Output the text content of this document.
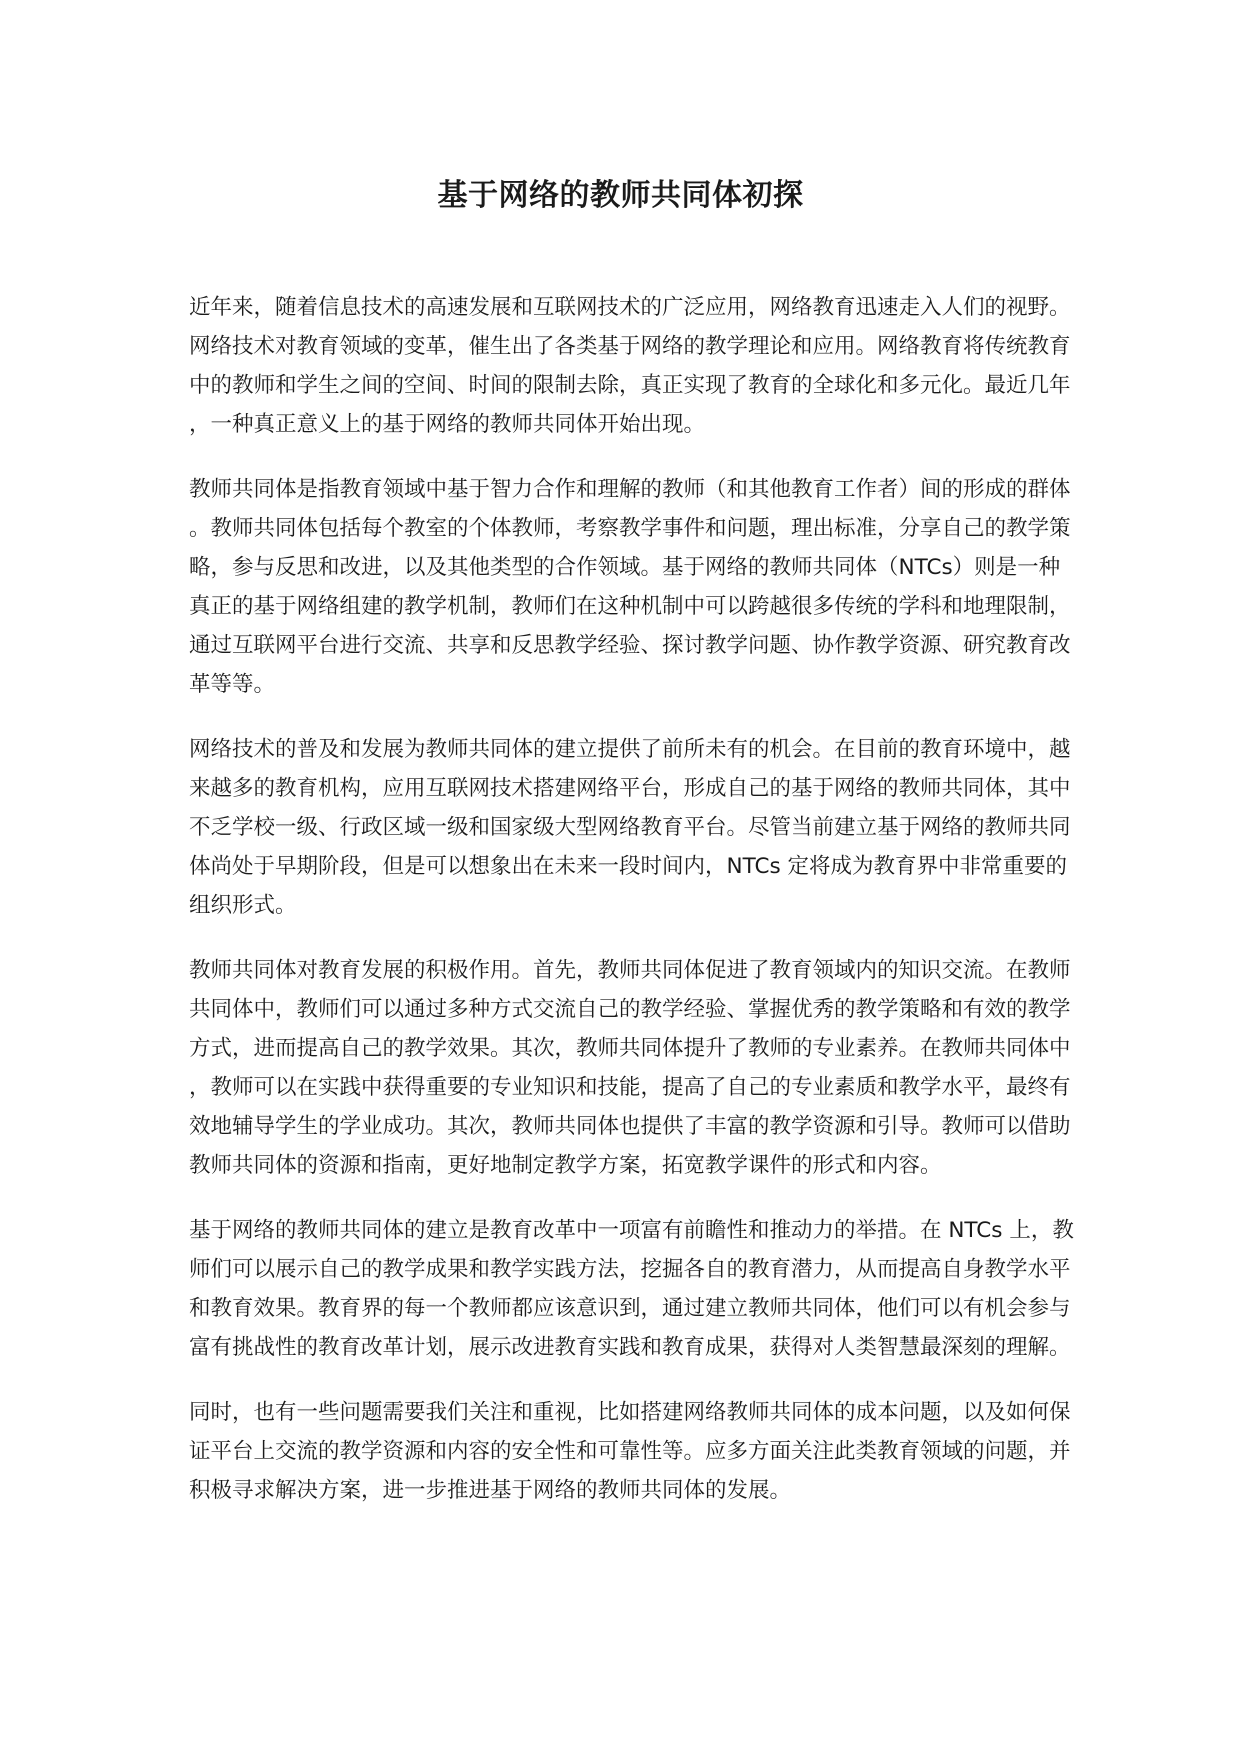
基于网络的教师共同体初探

近年来，随着信息技术的高速发展和互联网技术的广泛应用，网络教育迅速走入人们的视野。网络技术对教育领域的变革，催生出了各类基于网络的教学理论和应用。网络教育将传统教育中的教师和学生之间的空间、时间的限制去除，真正实现了教育的全球化和多元化。最近几年，一种真正意义上的基于网络的教师共同体开始出现。

教师共同体是指教育领域中基于智力合作和理解的教师（和其他教育工作者）间的形成的群体。教师共同体包括每个教室的个体教师，考察教学事件和问题，理出标准，分享自己的教学策略，参与反思和改进，以及其他类型的合作领域。基于网络的教师共同体（NTCs）则是一种真正的基于网络组建的教学机制，教师们在这种机制中可以跨越很多传统的学科和地理限制，通过互联网平台进行交流、共享和反思教学经验、探讨教学问题、协作教学资源、研究教育改革等等。

网络技术的普及和发展为教师共同体的建立提供了前所未有的机会。在目前的教育环境中，越来越多的教育机构，应用互联网技术搭建网络平台，形成自己的基于网络的教师共同体，其中不乏学校一级、行政区域一级和国家级大型网络教育平台。尽管当前建立基于网络的教师共同体尚处于早期阶段，但是可以想象出在未来一段时间内，NTCs 定将成为教育界中非常重要的组织形式。

教师共同体对教育发展的积极作用。首先，教师共同体促进了教育领域内的知识交流。在教师共同体中，教师们可以通过多种方式交流自己的教学经验、掌握优秀的教学策略和有效的教学方式，进而提高自己的教学效果。其次，教师共同体提升了教师的专业素养。在教师共同体中，教师可以在实践中获得重要的专业知识和技能，提高了自己的专业素质和教学水平，最终有效地辅导学生的学业成功。其次，教师共同体也提供了丰富的教学资源和引导。教师可以借助教师共同体的资源和指南，更好地制定教学方案，拓宽教学课件的形式和内容。

基于网络的教师共同体的建立是教育改革中一项富有前瞻性和推动力的举措。在 NTCs 上，教师们可以展示自己的教学成果和教学实践方法，挖掘各自的教育潜力，从而提高自身教学水平和教育效果。教育界的每一个教师都应该意识到，通过建立教师共同体，他们可以有机会参与富有挑战性的教育改革计划，展示改进教育实践和教育成果，获得对人类智慧最深刻的理解。

同时，也有一些问题需要我们关注和重视，比如搭建网络教师共同体的成本问题，以及如何保证平台上交流的教学资源和内容的安全性和可靠性等。应多方面关注此类教育领域的问题，并积极寻求解决方案，进一步推进基于网络的教师共同体的发展。
